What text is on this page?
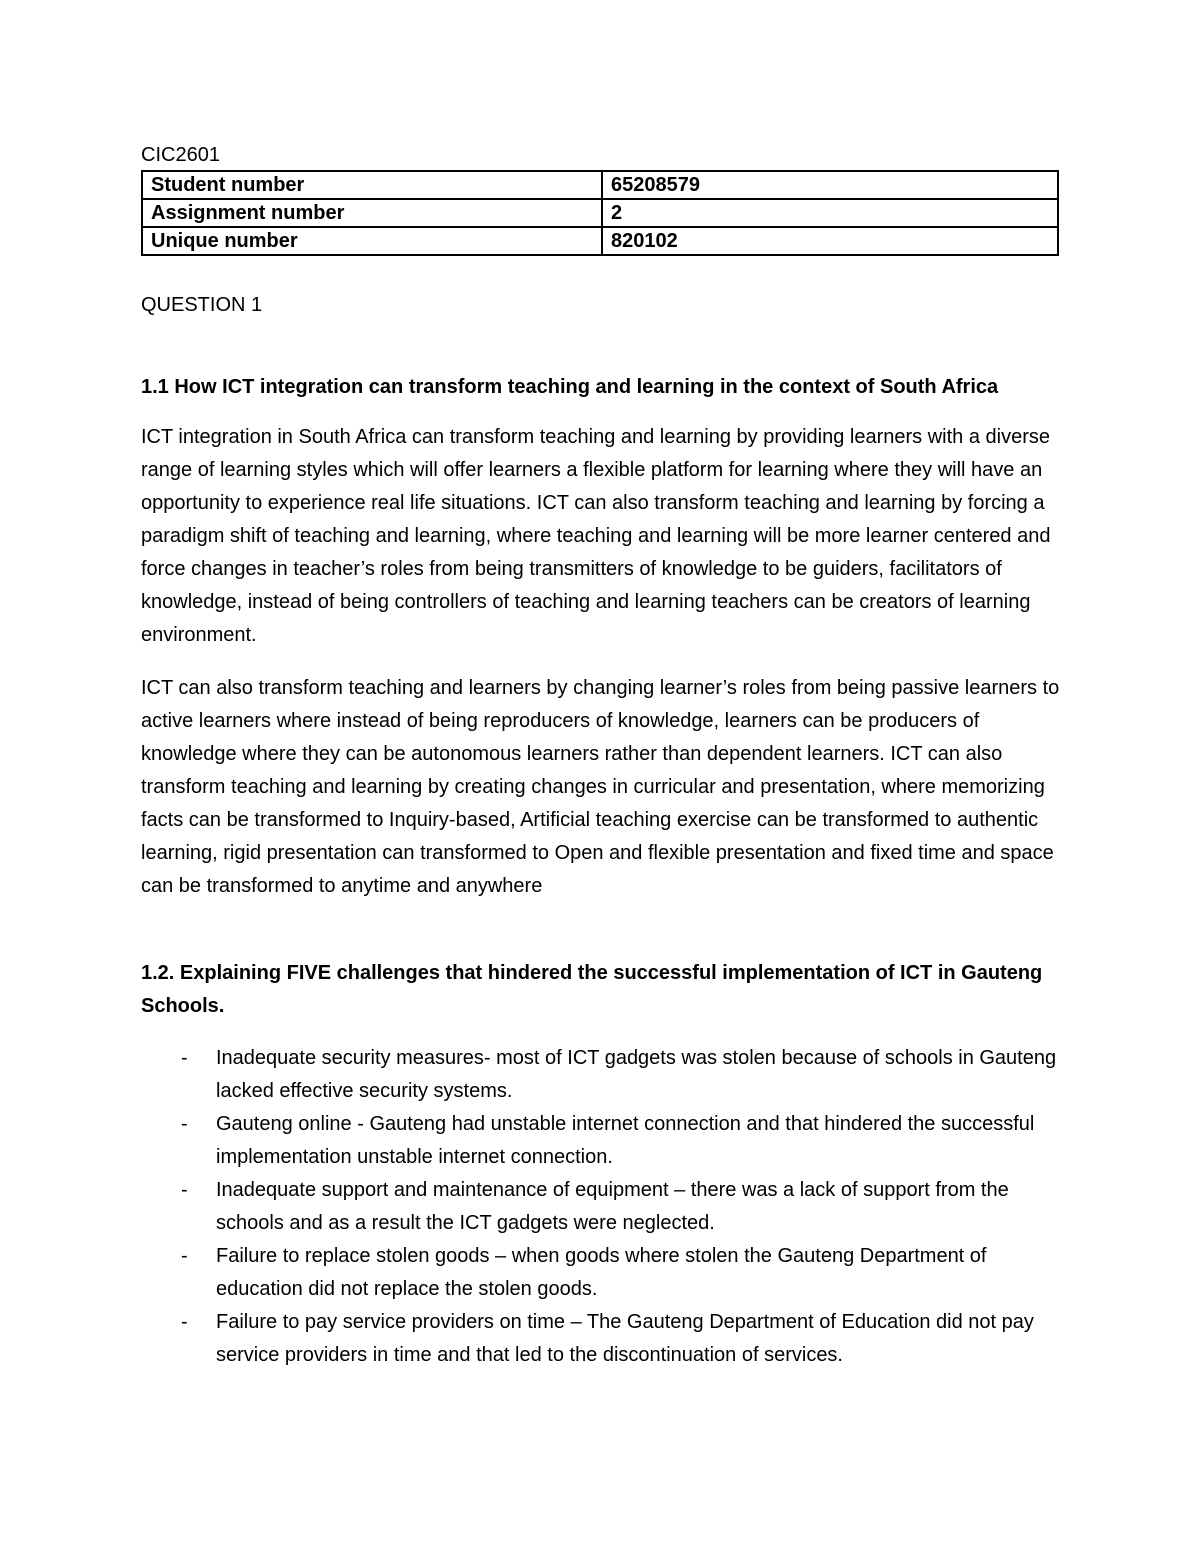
CIC2601
Student number	65208579
Assignment number	2
Unique number	820102
QUESTION 1
1.1 How ICT integration can transform teaching and learning in the context of South Africa

ICT integration in South Africa can transform teaching and learning by providing learners with a diverse range of learning styles which will offer learners a flexible platform for learning where they will have an opportunity to experience real life situations. ICT can also transform teaching and learning by forcing a paradigm shift of teaching and learning, where teaching and learning will be more learner centered and force changes in teacher’s roles from being transmitters of knowledge to be guiders, facilitators of knowledge, instead of being controllers of teaching and learning teachers can be creators of learning environment.

ICT can also transform teaching and learners by changing learner’s roles from being passive learners to active learners where instead of being reproducers of knowledge, learners can be producers of knowledge where they can be autonomous learners rather than dependent learners. ICT can also transform teaching and learning by creating changes in curricular and presentation, where memorizing facts can be transformed to Inquiry-based, Artificial teaching exercise can be transformed to authentic learning, rigid presentation can transformed to Open and flexible presentation and fixed time and space can be transformed to anytime and anywhere

1.2. Explaining FIVE challenges that hindered the successful implementation of ICT in Gauteng Schools.
- Inadequate security measures- most of ICT gadgets was stolen because of schools in Gauteng lacked effective security systems.
- Gauteng online - Gauteng had unstable internet connection and that hindered the successful implementation unstable internet connection.
- Inadequate support and maintenance of equipment – there was a lack of support from the schools and as a result the ICT gadgets were neglected.
- Failure to replace stolen goods – when goods where stolen the Gauteng Department of education did not replace the stolen goods.
- Failure to pay service providers on time – The Gauteng Department of Education did not pay service providers in time and that led to the discontinuation of services.
